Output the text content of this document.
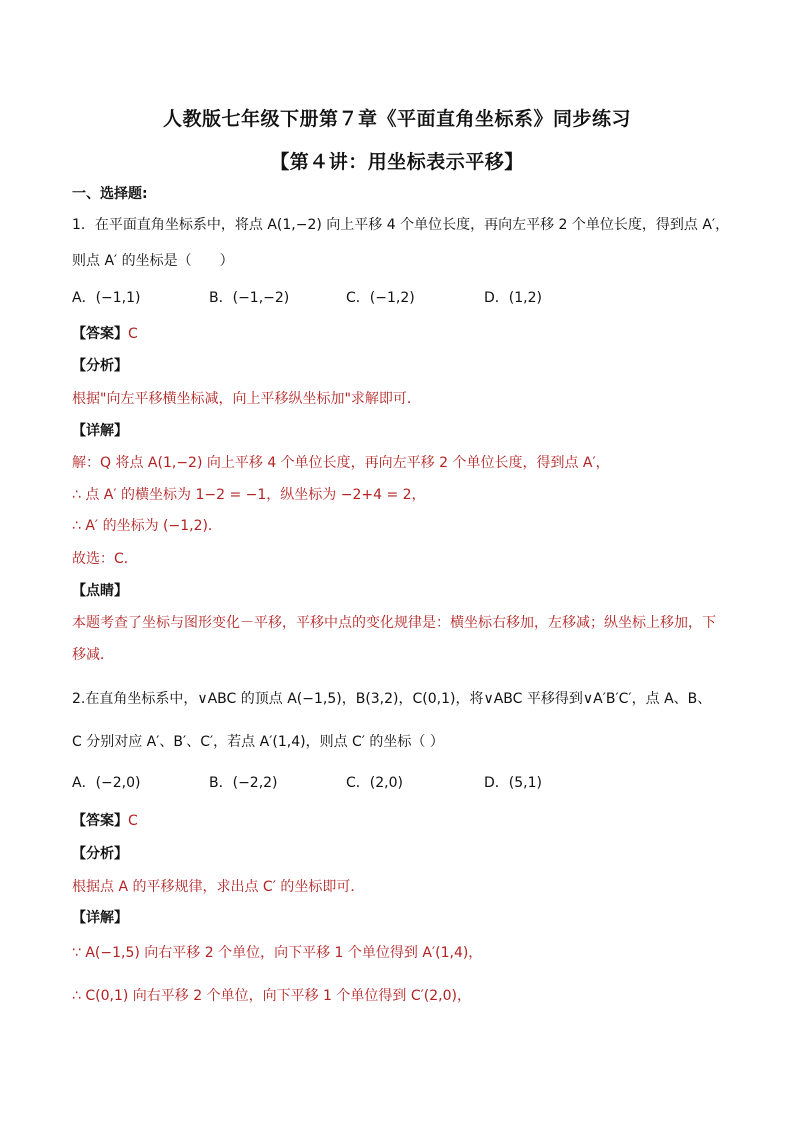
人教版七年级下册第７章《平面直角坐标系》同步练习
【第４讲：用坐标表示平移】
一、选择题:
1．在平面直角坐标系中，将点 A(1,−2) 向上平移 4 个单位长度，再向左平移 2 个单位长度，得到点 A′，
则点 A′ 的坐标是（　　）
A．(−1,1)	B．(−1,−2)	C．(−1,2)	D．(1,2)
【答案】C
【分析】
根据"向左平移横坐标减，向上平移纵坐标加"求解即可．
【详解】
解：Q 将点 A(1,−2) 向上平移 4 个单位长度，再向左平移 2 个单位长度，得到点 A′，
∴ 点 A′ 的横坐标为 1−2 = −1，纵坐标为 −2+4 = 2，
∴ A′ 的坐标为 (−1,2)．
故选：C．
【点睛】
本题考查了坐标与图形变化－平移，平移中点的变化规律是：横坐标右移加，左移减；纵坐标上移加，下
移减．
2.在直角坐标系中，∨ABC 的顶点 A(−1,5)，B(3,2)，C(0,1)，将∨ABC 平移得到∨A′B′C′，点 A、B、
C 分别对应 A′、B′、C′，若点 A′(1,4)，则点 C′ 的坐标（ ）
A．(−2,0)	B．(−2,2)	C．(2,0)	D．(5,1)
【答案】C
【分析】
根据点 A 的平移规律，求出点 C′ 的坐标即可．
【详解】
∵ A(−1,5) 向右平移 2 个单位，向下平移 1 个单位得到 A′(1,4)，
∴ C(0,1) 向右平移 2 个单位，向下平移 1 个单位得到 C′(2,0)，
